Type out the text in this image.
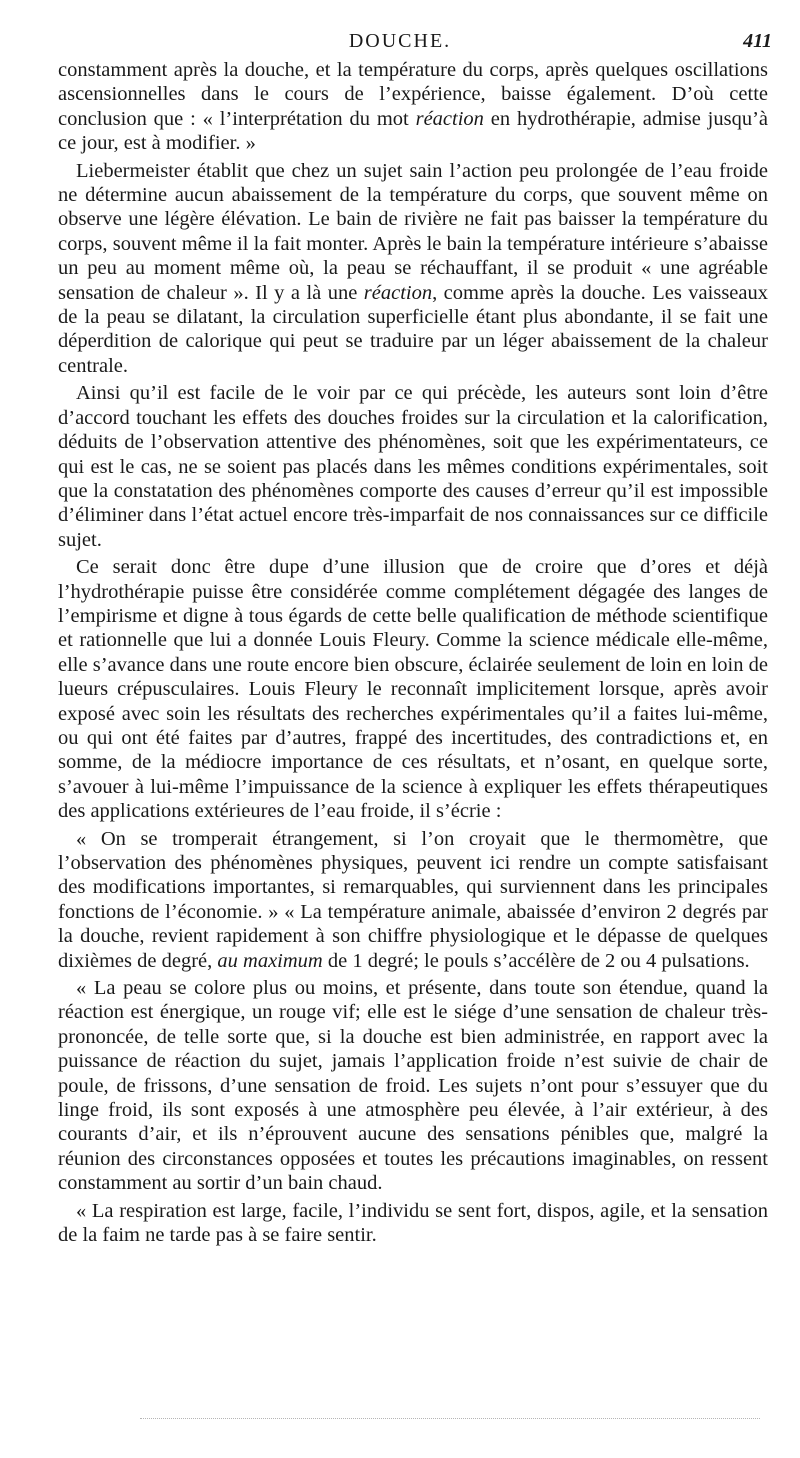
DOUCHE.	411

constamment après la douche, et la température du corps, après quelques oscillations ascensionnelles dans le cours de l’expérience, baisse également. D’où cette conclusion que : « l’interprétation du mot réaction en hydrothérapie, admise jusqu’à ce jour, est à modifier. »

Liebermeister établit que chez un sujet sain l’action peu prolongée de l’eau froide ne détermine aucun abaissement de la température du corps, que souvent même on observe une légère élévation. Le bain de rivière ne fait pas baisser la température du corps, souvent même il la fait monter. Après le bain la température intérieure s’abaisse un peu au moment même où, la peau se réchauffant, il se produit « une agréable sensation de chaleur ». Il y a là une réaction, comme après la douche. Les vaisseaux de la peau se dilatant, la circulation superficielle étant plus abondante, il se fait une déperdition de calorique qui peut se traduire par un léger abaissement de la chaleur centrale.

Ainsi qu’il est facile de le voir par ce qui précède, les auteurs sont loin d’être d’accord touchant les effets des douches froides sur la circulation et la calorification, déduits de l’observation attentive des phénomènes, soit que les expérimentateurs, ce qui est le cas, ne se soient pas placés dans les mêmes conditions expérimentales, soit que la constatation des phénomènes comporte des causes d’erreur qu’il est impossible d’éliminer dans l’état actuel encore très-imparfait de nos connaissances sur ce difficile sujet.

Ce serait donc être dupe d’une illusion que de croire que d’ores et déjà l’hydrothérapie puisse être considérée comme complétement dégagée des langes de l’empirisme et digne à tous égards de cette belle qualification de méthode scientifique et rationnelle que lui a donnée Louis Fleury. Comme la science médicale elle-même, elle s’avance dans une route encore bien obscure, éclairée seulement de loin en loin de lueurs crépusculaires. Louis Fleury le reconnaît implicitement lorsque, après avoir exposé avec soin les résultats des recherches expérimentales qu’il a faites lui-même, ou qui ont été faites par d’autres, frappé des incertitudes, des contradictions et, en somme, de la médiocre importance de ces résultats, et n’osant, en quelque sorte, s’avouer à lui-même l’impuissance de la science à expliquer les effets thérapeutiques des applications extérieures de l’eau froide, il s’écrie :

« On se tromperait étrangement, si l’on croyait que le thermomètre, que l’observation des phénomènes physiques, peuvent ici rendre un compte satisfaisant des modifications importantes, si remarquables, qui surviennent dans les principales fonctions de l’économie. » « La température animale, abaissée d’environ 2 degrés par la douche, revient rapidement à son chiffre physiologique et le dépasse de quelques dixièmes de degré, au maximum de 1 degré; le pouls s’accélère de 2 ou 4 pulsations.

« La peau se colore plus ou moins, et présente, dans toute son étendue, quand la réaction est énergique, un rouge vif; elle est le siége d’une sensation de chaleur très-prononcée, de telle sorte que, si la douche est bien administrée, en rapport avec la puissance de réaction du sujet, jamais l’application froide n’est suivie de chair de poule, de frissons, d’une sensation de froid. Les sujets n’ont pour s’essuyer que du linge froid, ils sont exposés à une atmosphère peu élevée, à l’air extérieur, à des courants d’air, et ils n’éprouvent aucune des sensations pénibles que, malgré la réunion des circonstances opposées et toutes les précautions imaginables, on ressent constamment au sortir d’un bain chaud.

« La respiration est large, facile, l’individu se sent fort, dispos, agile, et la sensation de la faim ne tarde pas à se faire sentir.
